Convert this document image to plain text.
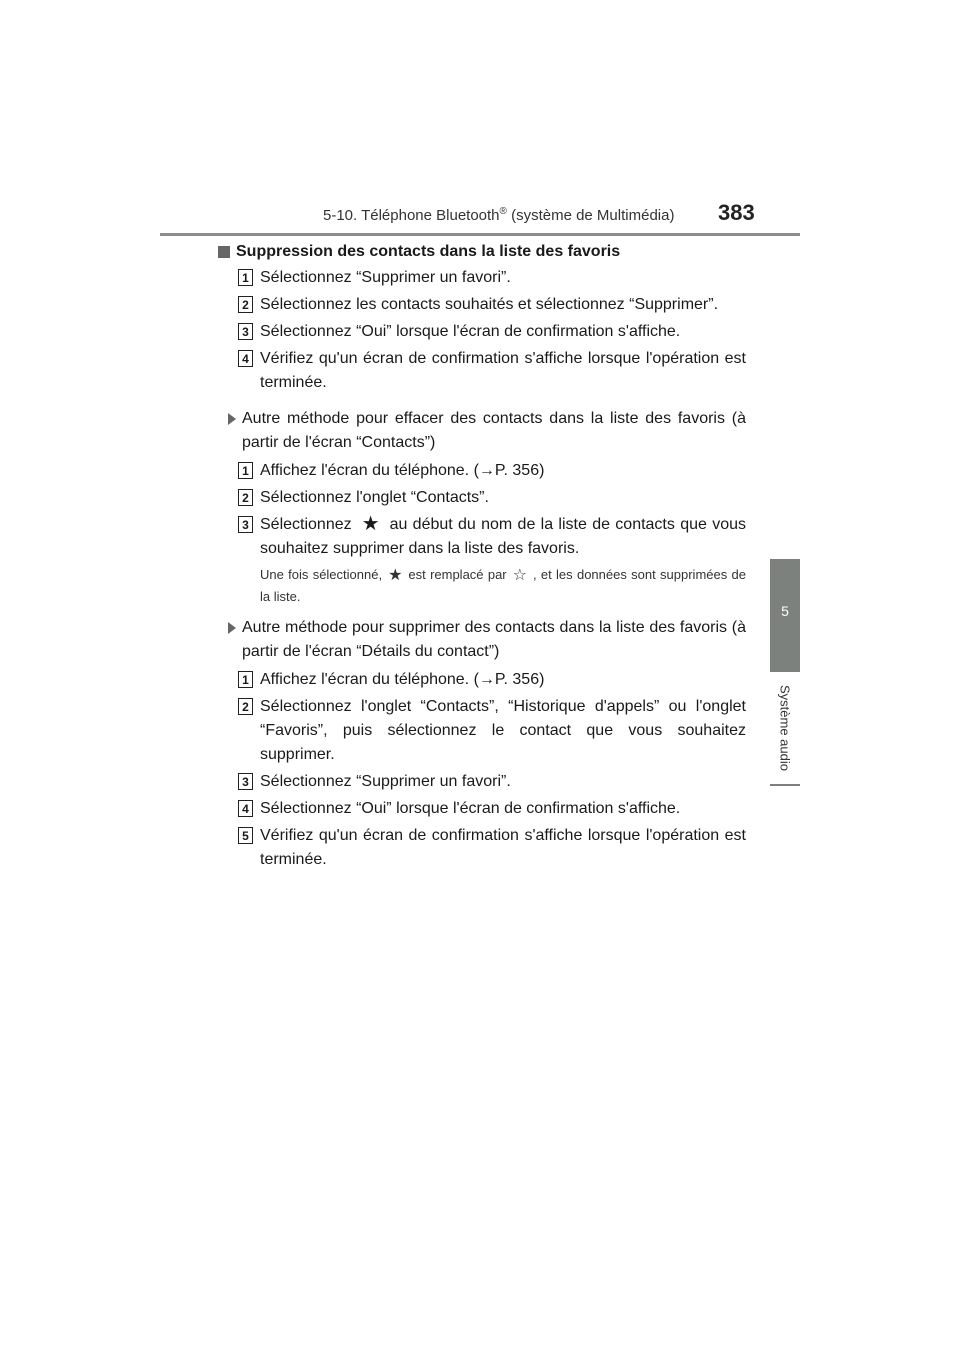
5-10. Téléphone Bluetooth® (système de Multimédia) 383
5
Système audio
Suppression des contacts dans la liste des favoris
1 Sélectionnez “Supprimer un favori”.
2 Sélectionnez les contacts souhaités et sélectionnez “Supprimer”.
3 Sélectionnez “Oui” lorsque l'écran de confirmation s'affiche.
4 Vérifiez qu'un écran de confirmation s'affiche lorsque l'opération est terminée.
Autre méthode pour effacer des contacts dans la liste des favoris (à partir de l'écran “Contacts”)
1 Affichez l'écran du téléphone. (→P. 356)
2 Sélectionnez l'onglet “Contacts”.
3 Sélectionnez ★ au début du nom de la liste de contacts que vous souhaitez supprimer dans la liste des favoris.
Une fois sélectionné, ★ est remplacé par ☆ , et les données sont supprimées de la liste.
Autre méthode pour supprimer des contacts dans la liste des favoris (à partir de l'écran “Détails du contact”)
1 Affichez l'écran du téléphone. (→P. 356)
2 Sélectionnez l'onglet “Contacts”, “Historique d'appels” ou l'onglet “Favoris”, puis sélectionnez le contact que vous souhaitez supprimer.
3 Sélectionnez “Supprimer un favori”.
4 Sélectionnez “Oui” lorsque l'écran de confirmation s'affiche.
5 Vérifiez qu'un écran de confirmation s'affiche lorsque l'opération est terminée.
